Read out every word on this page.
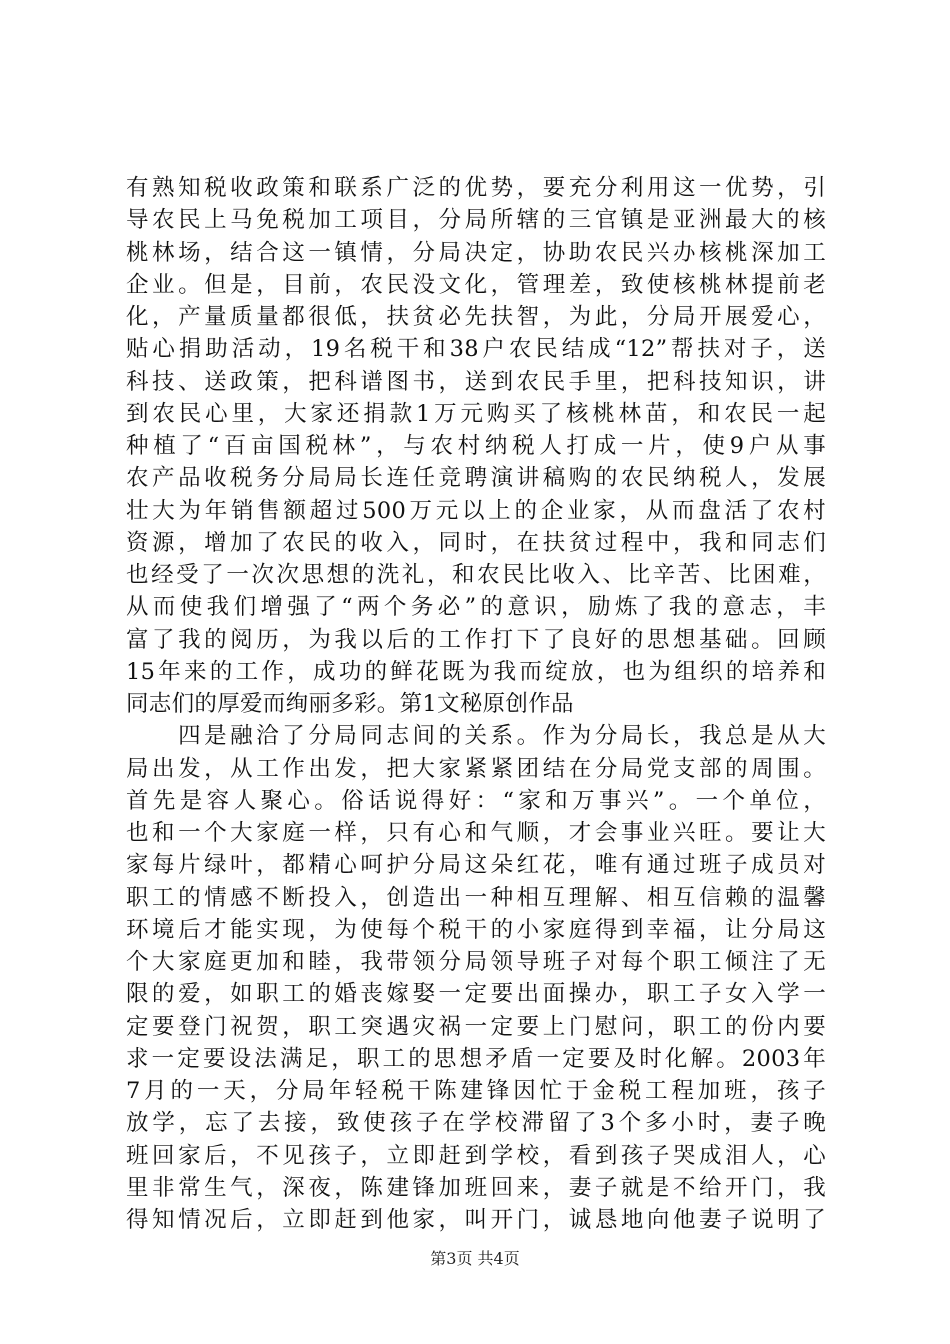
有熟知税收政策和联系广泛的优势，要充分利用这一优势，引
导农民上马免税加工项目，分局所辖的三官镇是亚洲最大的核
桃林场，结合这一镇情，分局决定，协助农民兴办核桃深加工
企业。但是，目前，农民没文化，管理差，致使核桃林提前老
化，产量质量都很低，扶贫必先扶智，为此，分局开展爱心，
贴心捐助活动，19名税干和38户农民结成“12”帮扶对子，送
科技、送政策，把科谱图书，送到农民手里，把科技知识，讲
到农民心里，大家还捐款1万元购买了核桃林苗，和农民一起
种植了“百亩国税林”，与农村纳税人打成一片，使9户从事
农产品收税务分局局长连任竞聘演讲稿购的农民纳税人，发展
壮大为年销售额超过500万元以上的企业家，从而盘活了农村
资源，增加了农民的收入，同时，在扶贫过程中，我和同志们
也经受了一次次思想的洗礼，和农民比收入、比辛苦、比困难，
从而使我们增强了“两个务必”的意识，励炼了我的意志，丰
富了我的阅历，为我以后的工作打下了良好的思想基础。回顾
15年来的工作，成功的鲜花既为我而绽放，也为组织的培养和
同志们的厚爱而绚丽多彩。第1文秘原创作品
　　四是融洽了分局同志间的关系。作为分局长，我总是从大
局出发，从工作出发，把大家紧紧团结在分局党支部的周围。
首先是容人聚心。俗话说得好：“家和万事兴”。一个单位，
也和一个大家庭一样，只有心和气顺，才会事业兴旺。要让大
家每片绿叶，都精心呵护分局这朵红花，唯有通过班子成员对
职工的情感不断投入，创造出一种相互理解、相互信赖的温馨
环境后才能实现，为使每个税干的小家庭得到幸福，让分局这
个大家庭更加和睦，我带领分局领导班子对每个职工倾注了无
限的爱，如职工的婚丧嫁娶一定要出面操办，职工子女入学一
定要登门祝贺，职工突遇灾祸一定要上门慰问，职工的份内要
求一定要设法满足，职工的思想矛盾一定要及时化解。2003年
7月的一天，分局年轻税干陈建锋因忙于金税工程加班，孩子
放学，忘了去接，致使孩子在学校滞留了3个多小时，妻子晚
班回家后，不见孩子，立即赶到学校，看到孩子哭成泪人，心
里非常生气，深夜，陈建锋加班回来，妻子就是不给开门，我
得知情况后，立即赶到他家，叫开门，诚恳地向他妻子说明了
第3页 共4页
